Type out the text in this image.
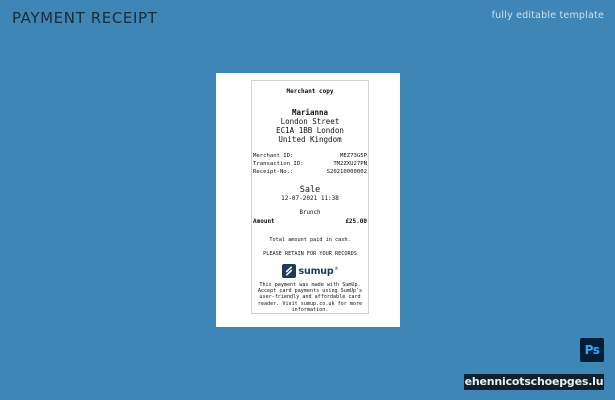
PAYMENT RECEIPT	fully editable template
Merchant copy
Marianna
London Street
EC1A 1BB London
United Kingdom
Merchant ID:	MEZ73G5P
Transaction ID:	TM2ZXU27PN
Receipt-No.:	S20210000002
Sale
12-07-2021 11:38
Brunch
Amount	£25.00
Total amount paid in cash.
PLEASE RETAIN FOR YOUR RECORDS
sumup ®
This payment was made with SumUp. Accept card payments using SumUp's user-friendly and affordable card reader. Visit sumup.co.uk for more information.
Ps
ehennicotschoepges.lu
